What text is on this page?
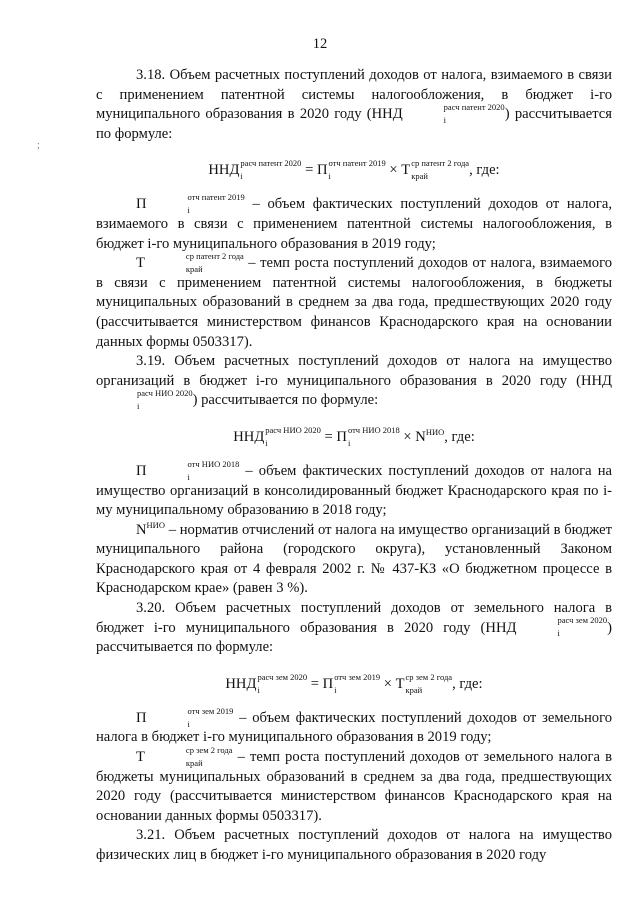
12
;

3.18. Объем расчетных поступлений доходов от налога, взимаемого в связи с применением патентной системы налогообложения, в бюджет i-го муниципального образования в 2020 году (ННД	расч патент 2020
i	) рассчитывается по формуле:

ННД расч патент 2020
i	= П отч патент 2019
i	× Т ср патент 2 года
край	, где:

П	отч патент 2019
i	– объем фактических поступлений доходов от налога, взимаемого в связи с применением патентной системы налогообложения, в бюджет i-го муниципального образования в 2019 году;

Т	ср патент 2 года
край	– темп роста поступлений доходов от налога, взимаемого в связи с применением патентной системы налогообложения, в бюджеты муниципальных образований в среднем за два года, предшествующих 2020 году (рассчитывается министерством финансов Краснодарского края на основании данных формы 0503317).

3.19. Объем расчетных поступлений доходов от налога на имущество организаций в бюджет i-го муниципального образования в 2020 году (ННД
расч НИО 2020
i	) рассчитывается по формуле:

ННД расч НИО 2020
i	= П отч НИО 2018
i	× $N^{НИО}$, где:

П	отч НИО 2018
i	– объем фактических поступлений доходов от налога на имущество организаций в консолидированный бюджет Краснодарского края по i-му муниципальному образованию в 2018 году;

$N^{НИО}$ – норматив отчислений от налога на имущество организаций в бюджет муниципального района (городского округа), установленный Законом Краснодарского края от 4 февраля 2002 г. № 437-КЗ «О бюджетном процессе в Краснодарском крае» (равен 3 %).

3.20. Объем расчетных поступлений доходов от земельного налога в бюджет i-го муниципального образования в 2020 году (ННД	расч зем 2020
i	) рассчитывается по формуле:

ННД расч зем 2020
i	= П отч зем 2019
i	× Т ср зем 2 года
край	, где:

П	отч зем 2019
i	– объем фактических поступлений доходов от земельного налога в бюджет i-го муниципального образования в 2019 году;

Т	ср зем 2 года
край	– темп роста поступлений доходов от земельного налога в бюджеты муниципальных образований в среднем за два года, предшествующих 2020 году (рассчитывается министерством финансов Краснодарского края на основании данных формы 0503317).

3.21. Объем расчетных поступлений доходов от налога на имущество физических лиц в бюджет i-го муниципального образования в 2020 году
